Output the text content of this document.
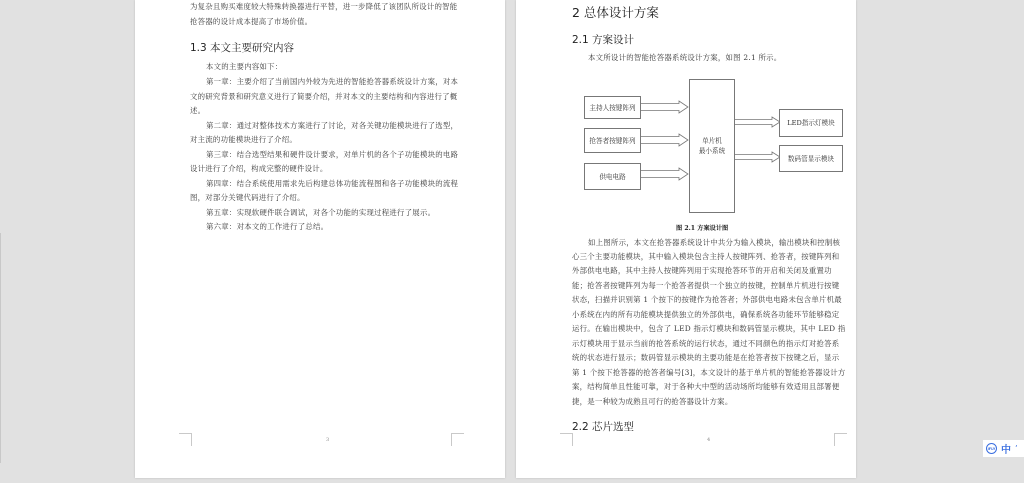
为复杂且购买难度较大特殊转换器进行平替，进一步降低了该团队所设计的智能
抢答器的设计成本提高了市场价值。
1.3 本文主要研究内容
本文的主要内容如下：
第一章：主要介绍了当前国内外较为先进的智能抢答器系统设计方案，对本
文的研究背景和研究意义进行了简要介绍，并对本文的主要结构和内容进行了概
述。
第二章：通过对整体技术方案进行了讨论，对各关键功能模块进行了选型，
对主流的功能模块进行了介绍。
第三章：结合选型结果和硬件设计要求，对单片机的各个子功能模块的电路
设计进行了介绍，构成完整的硬件设计。
第四章：结合系统使用需求先后构建总体功能流程图和各子功能模块的流程
图，对部分关键代码进行了介绍。
第五章：实现软硬件联合调试，对各个功能的实现过程进行了展示。
第六章：对本文的工作进行了总结。
3
2 总体设计方案
2.1 方案设计
本文所设计的智能抢答器系统设计方案，如图 2.1 所示。
主持人按键阵列
抢答者按键阵列
供电电路
单片机
最小系统
LED指示灯模块
数码管显示模块
图 2.1 方案设计图
如上图所示，本文在抢答器系统设计中共分为输入模块，输出模块和控制核
心三个主要功能模块，其中输入模块包含主持人按键阵列、抢答者，按键阵列和
外部供电电路，其中主持人按键阵列用于实现抢答环节的开启和关闭及重置功
能；抢答者按键阵列为每一个抢答者提供一个独立的按键，控制单片机进行按键
状态，扫描并识别第 1 个按下的按键作为抢答者；外部供电电路未包含单片机最
小系统在内的所有功能模块提供独立的外部供电，确保系统各功能环节能够稳定
运行。在输出模块中，包含了 LED 指示灯模块和数码管显示模块，其中 LED 指
示灯模块用于显示当前的抢答系统的运行状态，通过不同颜色的指示灯对抢答系
统的状态进行显示；数码管显示模块的主要功能是在抢答者按下按键之后，显示
第 1 个按下抢答器的抢答者编号[3]，本文设计的基于单片机的智能抢答器设计方
案，结构简单且性能可靠，对于各种大中型的活动场所均能够有效适用且部署便
捷，是一种较为成熟且可行的抢答器设计方案。
2.2 芯片选型
4
iFLY 中 ʼ
